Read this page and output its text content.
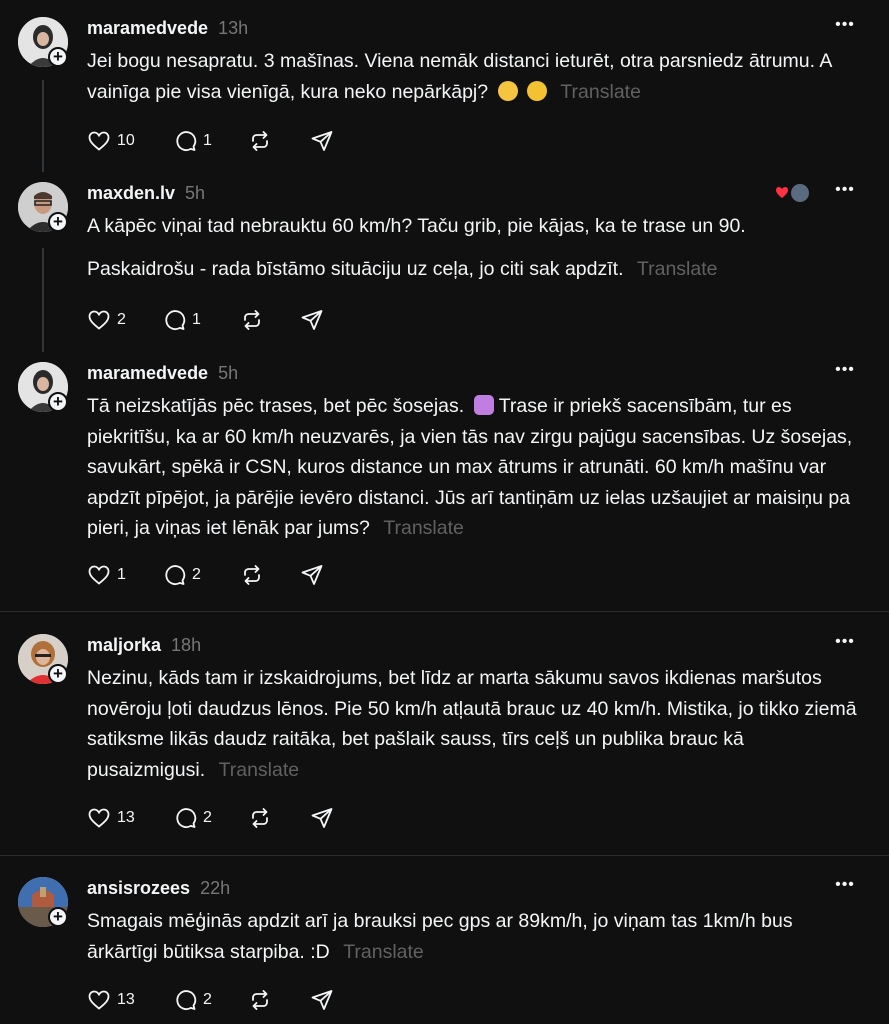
+
maramedvede 13h	•••

Jei bogu nesapratu. 3 mašīnas. Viena nemāk distanci ieturēt, otra parsniedz ātrumu. A vainīga pie visa vienīgā, kura neko nepārkāpj?	Translate

10	1
+
maxden.lv 5h	•••

A kāpēc viņai tad nebrauktu 60 km/h? Taču grib, pie kājas, ka te trase un 90.

Paskaidrošu - rada bīstāmo situāciju uz ceļa, jo citi sak apdzīt. Translate

2	1
+
maramedvede 5h	•••

Tā neizskatījās pēc trases, bet pēc šosejas. Trase ir priekš sacensībām, tur es piekritīšu, ka ar 60 km/h neuzvarēs, ja vien tās nav zirgu pajūgu sacensības. Uz šosejas, savukārt, spēkā ir CSN, kuros distance un max ātrums ir atrunāti. 60 km/h mašīnu var apdzīt pīpējot, ja pārējie ievēro distanci. Jūs arī tantiņām uz ielas uzšaujiet ar maisiņu pa pieri, ja viņas iet lēnāk par jums? Translate

1	2
+
maljorka 18h	•••

Nezinu, kāds tam ir izskaidrojums, bet līdz ar marta sākumu savos ikdienas maršutos novēroju ļoti daudzus lēnos. Pie 50 km/h atļautā brauc uz 40 km/h. Mistika, jo tikko ziemā satiksme likās daudz raitāka, bet pašlaik sauss, tīrs ceļš un publika brauc kā pusaizmigusi. Translate

13	2
+
ansisrozees 22h	•••

Smagais mēģinās apdzit arī ja brauksi pec gps ar 89km/h, jo viņam tas 1km/h bus ārkārtīgi būtiksa starpiba. :D Translate

13	2
